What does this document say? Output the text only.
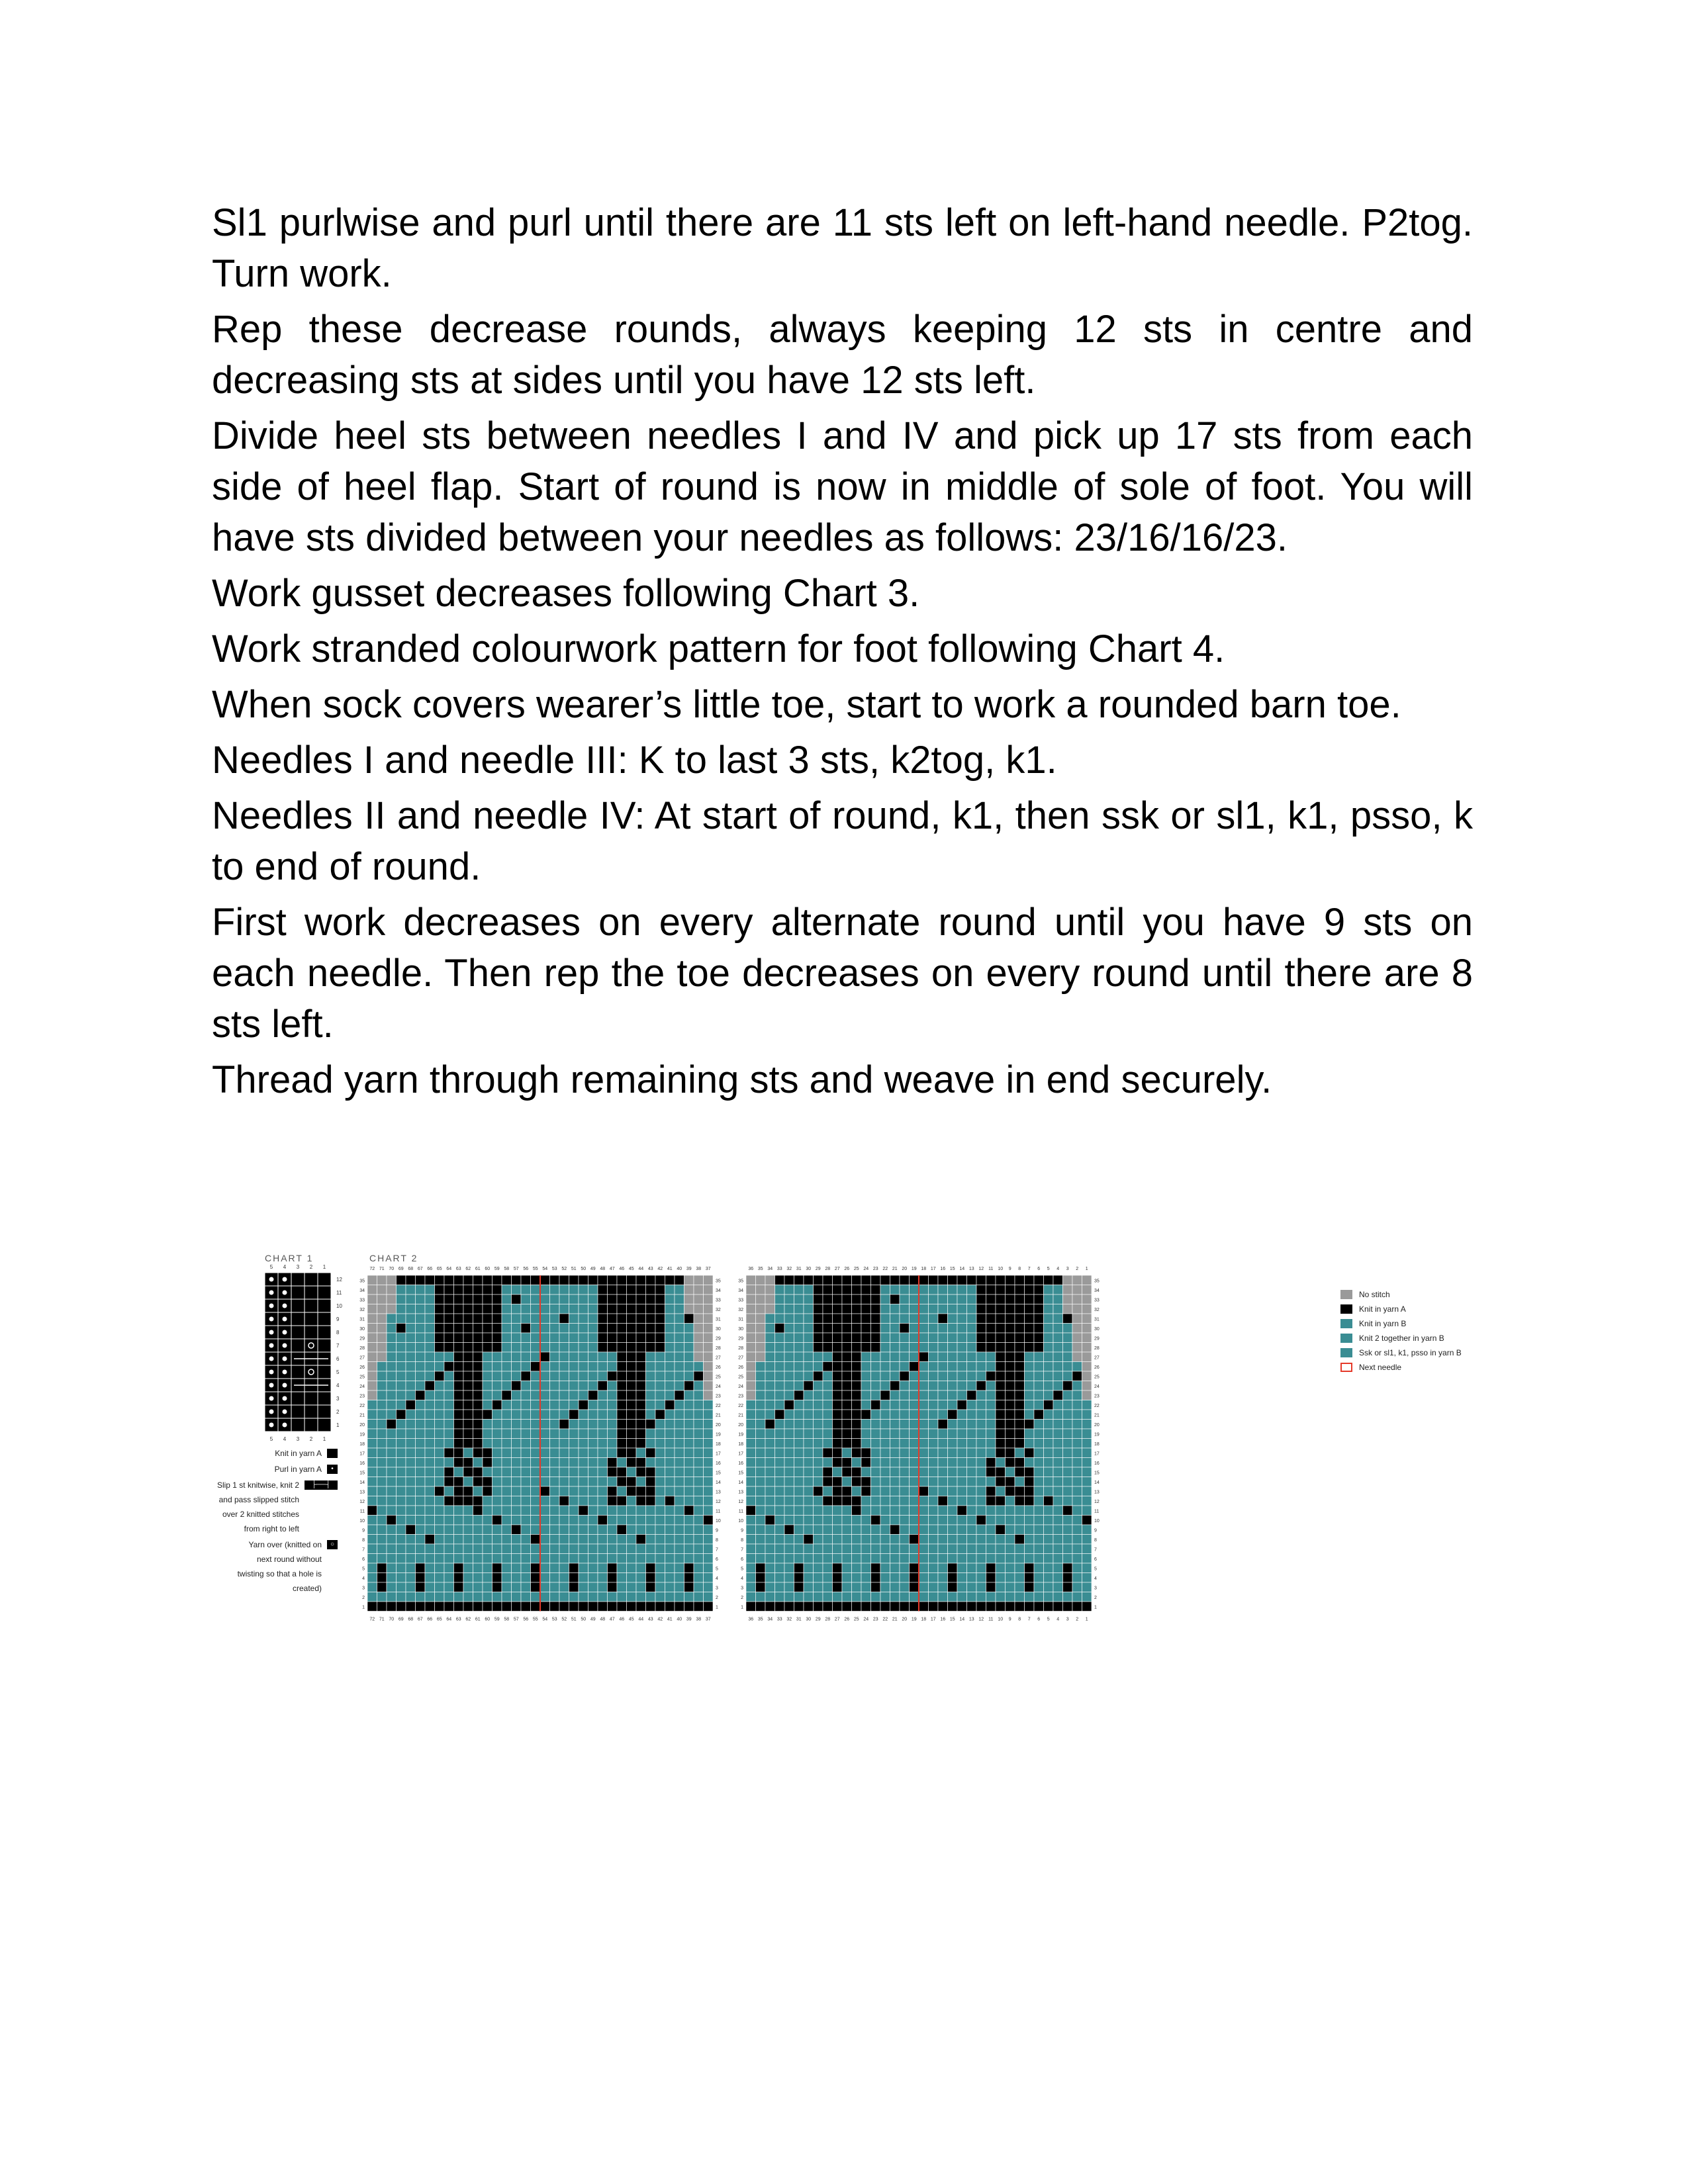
Sl1 purlwise and purl until there are 11 sts left on left-hand needle. P2tog. Turn work.

Rep these decrease rounds, always keeping 12 sts in centre and decreasing sts at sides until you have 12 sts left.

Divide heel sts between needles I and IV and pick up 17 sts from each side of heel flap. Start of round is now in middle of sole of foot. You will have sts divided between your needles as follows: 23/16/16/23.

Work gusset decreases following Chart 3.

Work stranded colourwork pattern for foot following Chart 4.

When sock covers wearer’s little toe, start to work a rounded barn toe.

Needles I and needle III: K to last 3 sts, k2tog, k1.

Needles II and needle IV: At start of round, k1, then ssk or sl1, k1, psso, k to end of round.

First work decreases on every alternate round until you have 9 sts on each needle. Then rep the toe decreases on every round until there are 8 sts left.

Thread yarn through remaining sts and weave in end securely.

CHART 1	CHART 2
5 4 3 2 1
12
11
10
9
8
7
6
5
4
3
2
1
5 4 3 2 1
Knit in yarn A
Purl in yarn A	•
Slip 1 st knitwise, knit 2 and pass slipped stitch over 2 knitted stitches from right to left
├──┤
Yarn over (knitted on next round without twisting so that a hole is created)
○
72
72
71
71
70
70
69
69
68
68
67
67
66
66
65
65
64
64
63
63
62
62
61
61
60
60
59
59
58
58
57
57
56
56
55
55
54
54
53
53
52
52
51
51
50
50
49
49
48
48
47
47
46
46
45
45
44
44
43
43
42
42
41
41
40
40
39
39
38
38
37
37
35	35
34	34
33	33
32	32
31	31
30	30
29	29
28	28
27	27
26	26
25	25
24	24
23	23
22	22
21	21
20	20
19	19
18	18
17	17
16	16
15	15
14	14
13	13
12	12
11	11
10	10
9	9
8	8
7	7
6	6
5	5
4	4
3	3
2	2
1	1
36
36
35
35
34
34
33
33
32
32
31
31
30
30
29
29
28
28
27
27
26
26
25
25
24
24
23
23
22
22
21
21
20
20
19
19
18
18
17
17
16
16
15
15
14
14
13
13
12
12
11
11
10
10
9
9
8
8
7
7
6
6
5
5
4
4
3
3
2
2
1
1
35	35
34	34
33	33
32	32
31	31
30	30
29	29
28	28
27	27
26	26
25	25
24	24
23	23
22	22
21	21
20	20
19	19
18	18
17	17
16	16
15	15
14	14
13	13
12	12
11	11
10	10
9	9
8	8
7	7
6	6
5	5
4	4
3	3
2	2
1	1
No stitch
Knit in yarn A
Knit in yarn B
Knit 2 together in yarn B
Ssk or sl1, k1, psso in yarn B
Next needle
